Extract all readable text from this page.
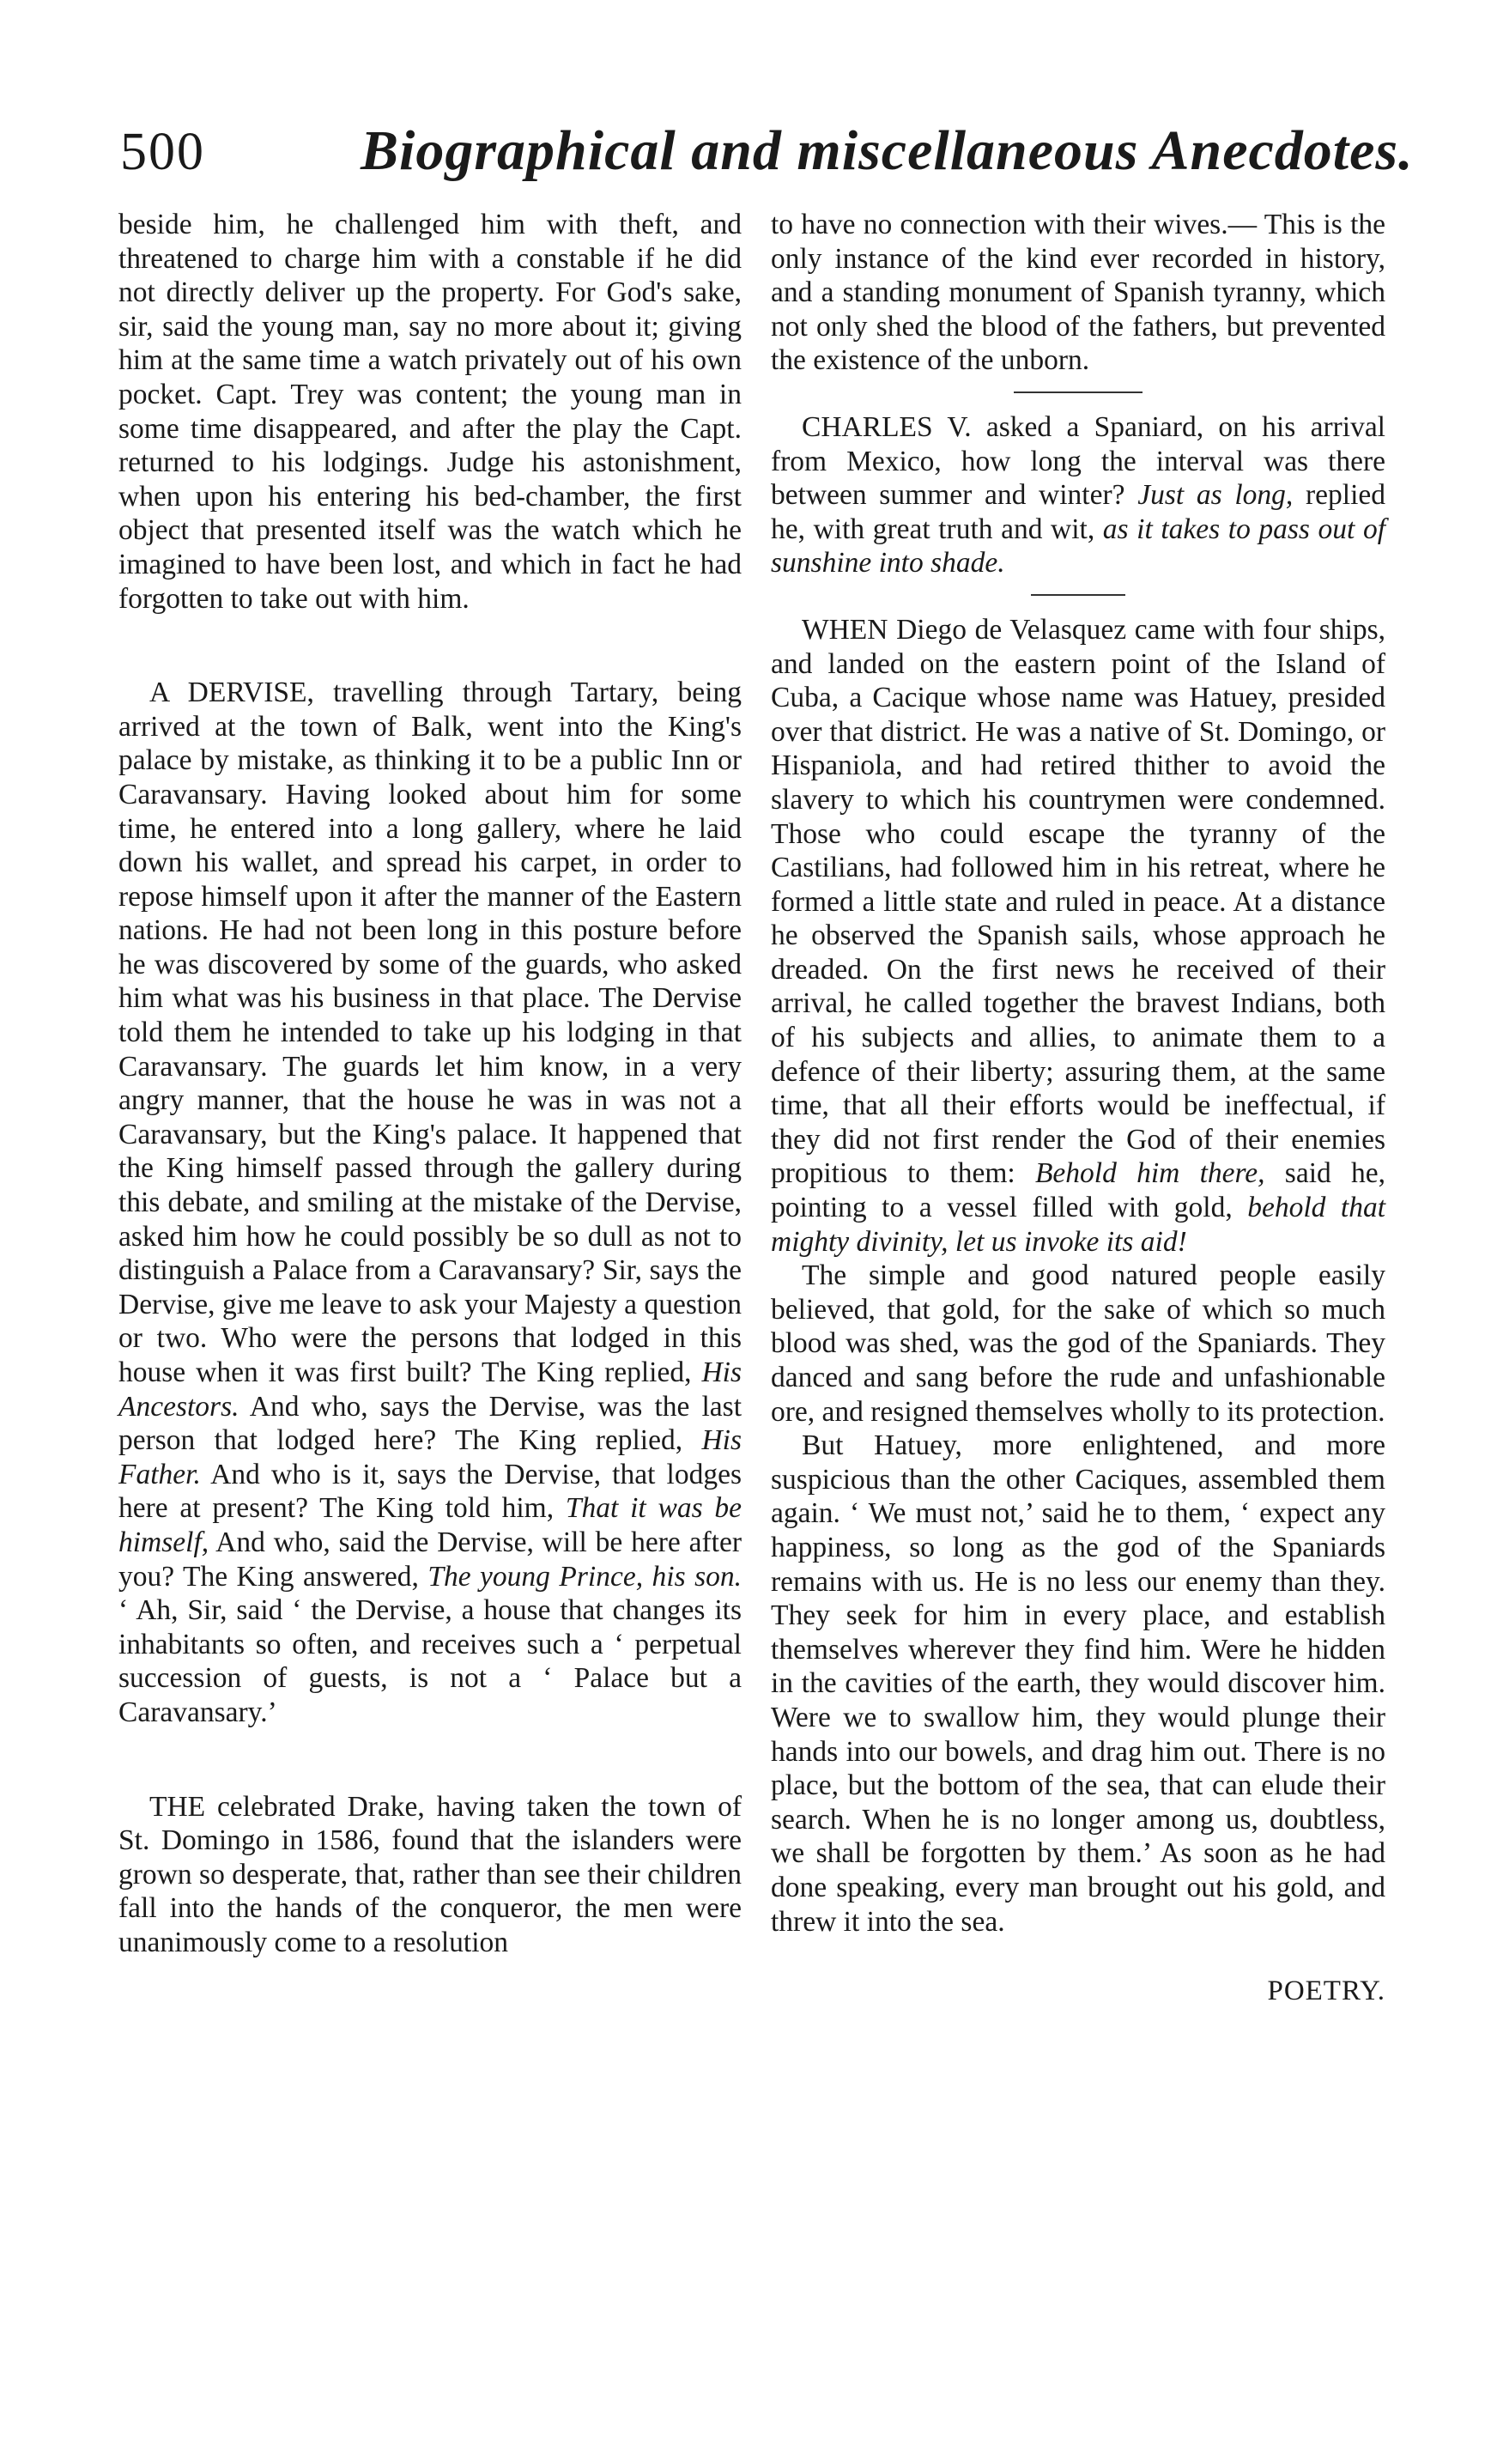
500	Biographical and miscellaneous Anecdotes.

beside him, he challenged him with theft, and threatened to charge him with a constable if he did not directly deliver up the property. For God's sake, sir, said the young man, say no more about it; giving him at the same time a watch privately out of his own pocket. Capt. Trey was content; the young man in some time disappeared, and after the play the Capt. returned to his lodgings. Judge his astonishment, when upon his entering his bed-chamber, the first object that presented itself was the watch which he imagined to have been lost, and which in fact he had forgotten to take out with him.

A DERVISE, travelling through Tartary, being arrived at the town of Balk, went into the King's palace by mistake, as thinking it to be a public Inn or Caravansary. Having looked about him for some time, he entered into a long gallery, where he laid down his wallet, and spread his carpet, in order to repose himself upon it after the manner of the Eastern nations. He had not been long in this posture before he was discovered by some of the guards, who asked him what was his business in that place. The Dervise told them he intended to take up his lodging in that Caravansary. The guards let him know, in a very angry manner, that the house he was in was not a Caravansary, but the King's palace. It happened that the King himself passed through the gallery during this debate, and smiling at the mistake of the Dervise, asked him how he could possibly be so dull as not to distinguish a Palace from a Caravansary? Sir, says the Dervise, give me leave to ask your Majesty a question or two. Who were the persons that lodged in this house when it was first built? The King replied, His Ancestors. And who, says the Dervise, was the last person that lodged here? The King replied, His Father. And who is it, says the Dervise, that lodges here at present? The King told him, That it was be himself, And who, said the Dervise, will be here after you? The King answered, The young Prince, his son. ‘ Ah, Sir, said ‘ the Dervise, a house that changes its inhabitants so often, and receives such a ‘ perpetual succession of guests, is not a ‘ Palace but a Caravansary.’

THE celebrated Drake, having taken the town of St. Domingo in 1586, found that the islanders were grown so desperate, that, rather than see their children fall into the hands of the conqueror, the men were unanimously come to a resolution

to have no connection with their wives.— This is the only instance of the kind ever recorded in history, and a standing monument of Spanish tyranny, which not only shed the blood of the fathers, but prevented the existence of the unborn.

CHARLES V. asked a Spaniard, on his arrival from Mexico, how long the interval was there between summer and winter? Just as long, replied he, with great truth and wit, as it takes to pass out of sunshine into shade.

WHEN Diego de Velasquez came with four ships, and landed on the eastern point of the Island of Cuba, a Cacique whose name was Hatuey, presided over that district. He was a native of St. Domingo, or Hispaniola, and had retired thither to avoid the slavery to which his countrymen were condemned. Those who could escape the tyranny of the Castilians, had followed him in his retreat, where he formed a little state and ruled in peace. At a distance he observed the Spanish sails, whose approach he dreaded. On the first news he received of their arrival, he called together the bravest Indians, both of his subjects and allies, to animate them to a defence of their liberty; assuring them, at the same time, that all their efforts would be ineffectual, if they did not first render the God of their enemies propitious to them: Behold him there, said he, pointing to a vessel filled with gold, behold that mighty divinity, let us invoke its aid!

The simple and good natured people easily believed, that gold, for the sake of which so much blood was shed, was the god of the Spaniards. They danced and sang before the rude and unfashionable ore, and resigned themselves wholly to its protection.

But Hatuey, more enlightened, and more suspicious than the other Caciques, assembled them again. ‘ We must not,’ said he to them, ‘ expect any happiness, so long as the god of the Spaniards remains with us. He is no less our enemy than they. They seek for him in every place, and establish themselves wherever they find him. Were he hidden in the cavities of the earth, they would discover him. Were we to swallow him, they would plunge their hands into our bowels, and drag him out. There is no place, but the bottom of the sea, that can elude their search. When he is no longer among us, doubtless, we shall be forgotten by them.’ As soon as he had done speaking, every man brought out his gold, and threw it into the sea.

POETRY.
